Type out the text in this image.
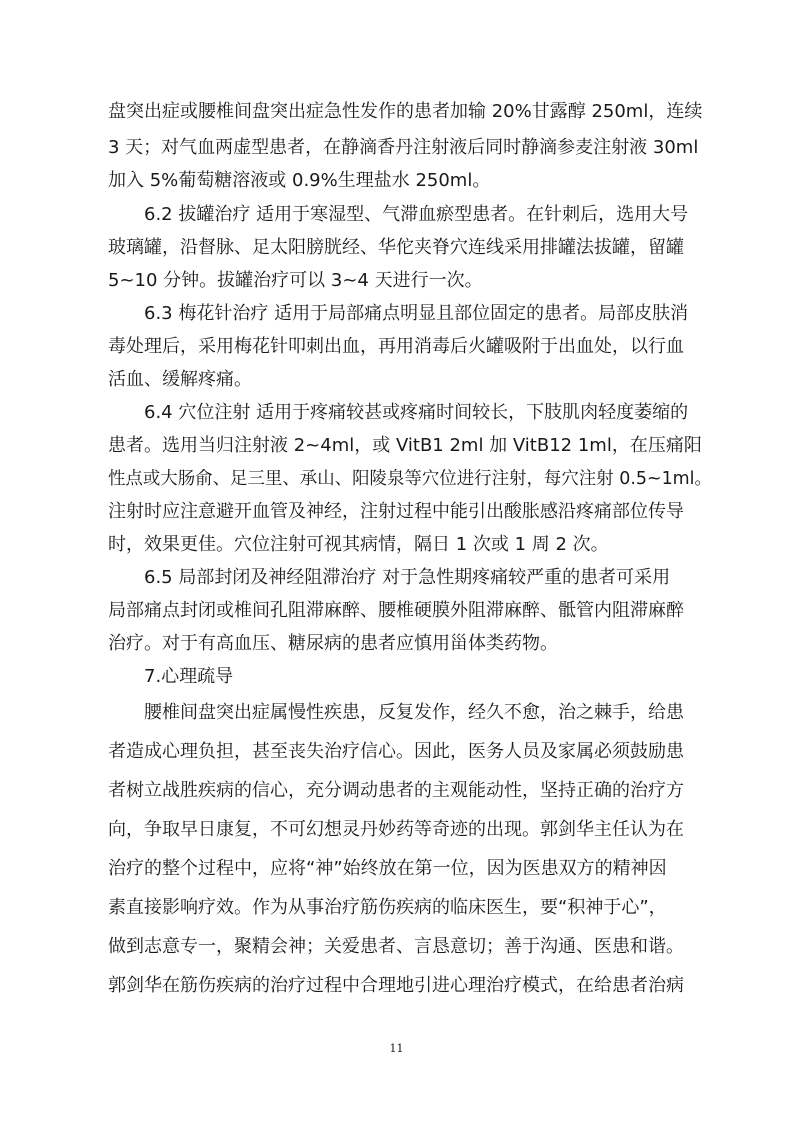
盘突出症或腰椎间盘突出症急性发作的患者加输 20%甘露醇 250ml，连续
3 天；对气血两虚型患者，在静滴香丹注射液后同时静滴参麦注射液 30ml
加入 5%葡萄糖溶液或 0.9%生理盐水 250ml。
6.2 拔罐治疗 适用于寒湿型、气滞血瘀型患者。在针刺后，选用大号
玻璃罐，沿督脉、足太阳膀胱经、华佗夹脊穴连线采用排罐法拔罐，留罐
5~10 分钟。拔罐治疗可以 3~4 天进行一次。
6.3 梅花针治疗 适用于局部痛点明显且部位固定的患者。局部皮肤消
毒处理后，采用梅花针叩刺出血，再用消毒后火罐吸附于出血处，以行血
活血、缓解疼痛。
6.4 穴位注射 适用于疼痛较甚或疼痛时间较长，下肢肌肉轻度萎缩的
患者。选用当归注射液 2~4ml，或 VitB1 2ml 加 VitB12 1ml，在压痛阳
性点或大肠俞、足三里、承山、阳陵泉等穴位进行注射，每穴注射 0.5~1ml。
注射时应注意避开血管及神经，注射过程中能引出酸胀感沿疼痛部位传导
时，效果更佳。穴位注射可视其病情，隔日 1 次或 1 周 2 次。
6.5 局部封闭及神经阻滞治疗 对于急性期疼痛较严重的患者可采用
局部痛点封闭或椎间孔阻滞麻醉、腰椎硬膜外阻滞麻醉、骶管内阻滞麻醉
治疗。对于有高血压、糖尿病的患者应慎用甾体类药物。
7.心理疏导
腰椎间盘突出症属慢性疾患，反复发作，经久不愈，治之棘手，给患
者造成心理负担，甚至丧失治疗信心。因此，医务人员及家属必须鼓励患
者树立战胜疾病的信心，充分调动患者的主观能动性，坚持正确的治疗方
向，争取早日康复，不可幻想灵丹妙药等奇迹的出现。郭剑华主任认为在
治疗的整个过程中，应将“神”始终放在第一位，因为医患双方的精神因
素直接影响疗效。作为从事治疗筋伤疾病的临床医生，要“积神于心”，
做到志意专一，聚精会神；关爱患者、言恳意切；善于沟通、医患和谐。
郭剑华在筋伤疾病的治疗过程中合理地引进心理治疗模式，在给患者治病
11
